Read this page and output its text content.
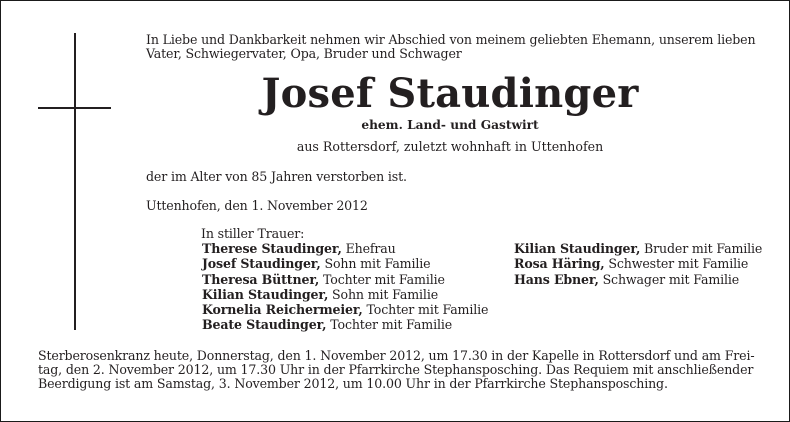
In Liebe und Dankbarkeit nehmen wir Abschied von meinem geliebten Ehemann, unserem lieben
Vater, Schwiegervater, Opa, Bruder und Schwager
Josef Staudinger
ehem. Land- und Gastwirt
aus Rottersdorf, zuletzt wohnhaft in Uttenhofen
der im Alter von 85 Jahren verstorben ist.
Uttenhofen, den 1. November 2012
In stiller Trauer:
Therese Staudinger, Ehefrau
Josef Staudinger, Sohn mit Familie
Theresa Büttner, Tochter mit Familie
Kilian Staudinger, Sohn mit Familie
Kornelia Reichermeier, Tochter mit Familie
Beate Staudinger, Tochter mit Familie
Kilian Staudinger, Bruder mit Familie
Rosa Häring, Schwester mit Familie
Hans Ebner, Schwager mit Familie
Sterberosenkranz heute, Donnerstag, den 1. November 2012, um 17.30 in der Kapelle in Rottersdorf und am Frei-
tag, den 2. November 2012, um 17.30 Uhr in der Pfarrkirche Stephansposching. Das Requiem mit anschließender
Beerdigung ist am Samstag, 3. November 2012, um 10.00 Uhr in der Pfarrkirche Stephansposching.
